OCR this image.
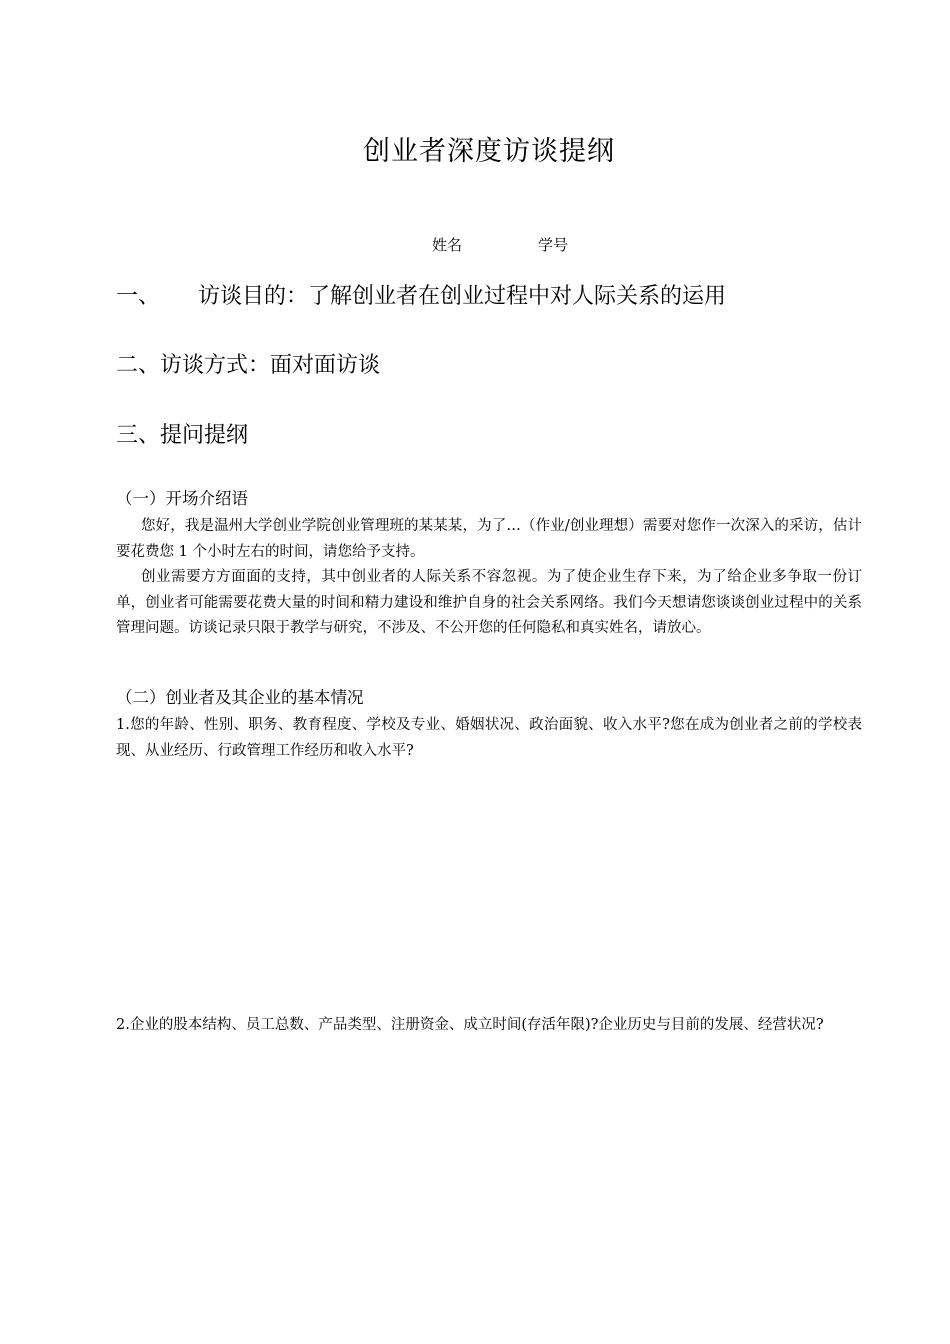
创业者深度访谈提纲
姓名	学号
一、 访谈目的：了解创业者在创业过程中对人际关系的运用
二、访谈方式：面对面访谈
三、提问提纲
（一）开场介绍语

您好，我是温州大学创业学院创业管理班的某某某，为了…（作业/创业理想）需要对您作一次深入的采访，估计要花费您 1 个小时左右的时间，请您给予支持。

创业需要方方面面的支持，其中创业者的人际关系不容忽视。为了使企业生存下来，为了给企业多争取一份订单，创业者可能需要花费大量的时间和精力建设和维护自身的社会关系网络。我们今天想请您谈谈创业过程中的关系管理问题。访谈记录只限于教学与研究，不涉及、不公开您的任何隐私和真实姓名，请放心。

（二）创业者及其企业的基本情况

1.您的年龄、性别、职务、教育程度、学校及专业、婚姻状况、政治面貌、收入水平?您在成为创业者之前的学校表现、从业经历、行政管理工作经历和收入水平?

2.企业的股本结构、员工总数、产品类型、注册资金、成立时间(存活年限)?企业历史与目前的发展、经营状况?
